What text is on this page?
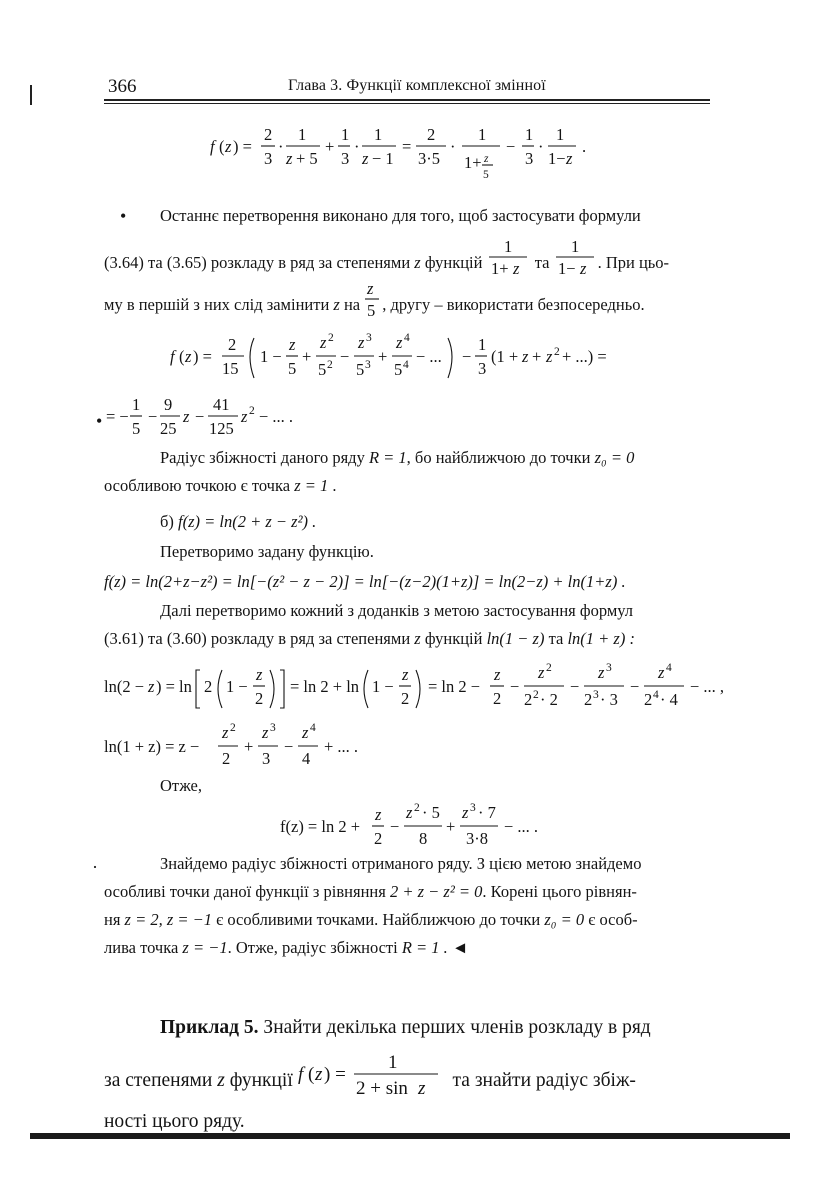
366	Глава 3. Функції комплексної змінної
f ( z ) =
2
3
·
1
z + 5
+
1
3
·
1
z − 1
=
2
3·5
·
1
1+ z
5
−
1
3
·
1
1− z
.
•	Останнє перетворення виконано для того, щоб застосувати формули
(3.64) та (3.65) розкладу в ряд за степенями z функцій
1
1+ z та
1
1− z . При цьо-
му в першій з них слід замінити z на
z
5 , другу – використати безпосередньо.
f ( z ) =
2
15
1 −
z
5
+
z 2
5 2 −
z 3
5 3 +
z 4
5 4 − ... −
1
3
(1 + z + z 2 + ...) =
= −
1
5
−
9
25
z −
41
125
z 2 − ... .
•
Радіус збіжності даного ряду R = 1, бо найближчою до точки z₀ = 0
особливою точкою є точка z = 1 .
б) f(z) = ln(2 + z − z²) .
Перетворимо задану функцію.
f(z) = ln(2+z−z²) = ln[−(z² − z − 2)] = ln[−(z−2)(1+z)] = ln(2−z) + ln(1+z) .
Далі перетворимо кожний з доданків з метою застосування формул
(3.61) та (3.60) розкладу в ряд за степенями z функцій ln(1 − z) та ln(1 + z) :
ln(2 − z ) = ln 2 1 −
z
2
= ln 2 + ln 1 −
z
2
= ln 2 −
z
2
−
z 2
2 2 · 2
−
z 3
2 3 · 3
−
z 4
2 4 · 4
− ... ,
ln(1 + z) = z −
z 2
2
+
z 3
3
−
z 4
4
+ ... .
Отже,
f(z) = ln 2 +
z
2
−
z 2 · 5
8
+
z 3 · 7
3·8
− ... .
·	Знайдемо радіус збіжності отриманого ряду. З цією метою знайдемо
особливі точки даної функції з рівняння 2 + z − z² = 0. Корені цього рівнян-
ня z = 2, z = −1 є особливими точками. Найближчою до точки z₀ = 0 є особ-
лива точка z = −1. Отже, радіус збіжності R = 1 . ◄
Приклад 5. Знайти декілька перших членів розкладу в ряд
за степенями z функції f ( z ) =
1
2 + sin z та знайти радіус збіж-
ності цього ряду.
